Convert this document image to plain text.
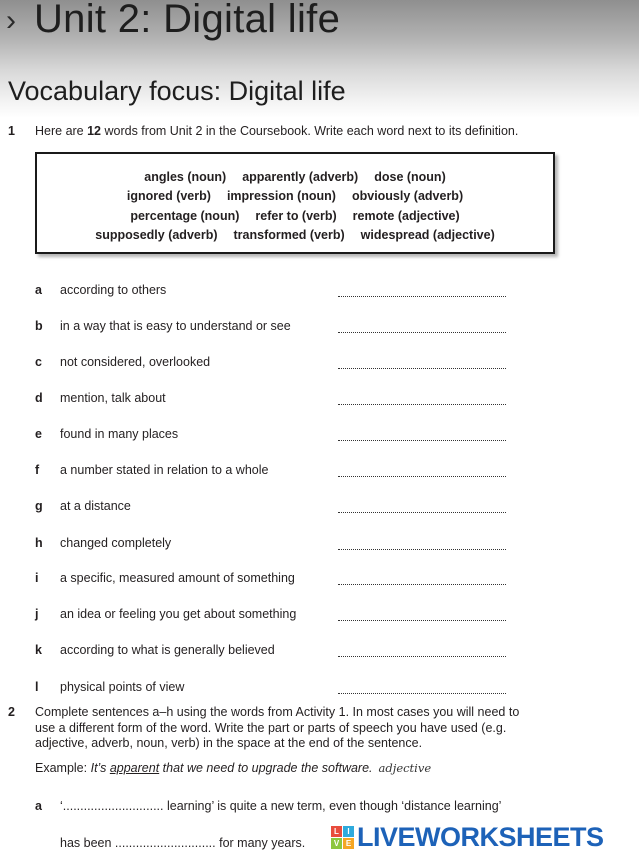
› Unit 2: Digital life
Vocabulary focus: Digital life
1 Here are 12 words from Unit 2 in the Coursebook. Write each word next to its definition.
angles (noun) apparently (adverb) dose (noun)
ignored (verb) impression (noun) obviously (adverb)
percentage (noun) refer to (verb) remote (adjective)
supposedly (adverb) transformed (verb) widespread (adjective)
a according to others
b in a way that is easy to understand or see
c not considered, overlooked
d mention, talk about
e found in many places
f a number stated in relation to a whole
g at a distance
h changed completely
i a specific, measured amount of something
j an idea or feeling you get about something
k according to what is generally believed
l physical points of view
2 Complete sentences a–h using the words from Activity 1. In most cases you will need to use a different form of the word. Write the part or parts of speech you have used (e.g. adjective, adverb, noun, verb) in the space at the end of the sentence.
Example: It’s apparent that we need to upgrade the software. adjective
a ‘............................. learning’ is quite a new term, even though ‘distance learning’
has been ............................. for many years.
L	I
V E LIVEWORKSHEETS
